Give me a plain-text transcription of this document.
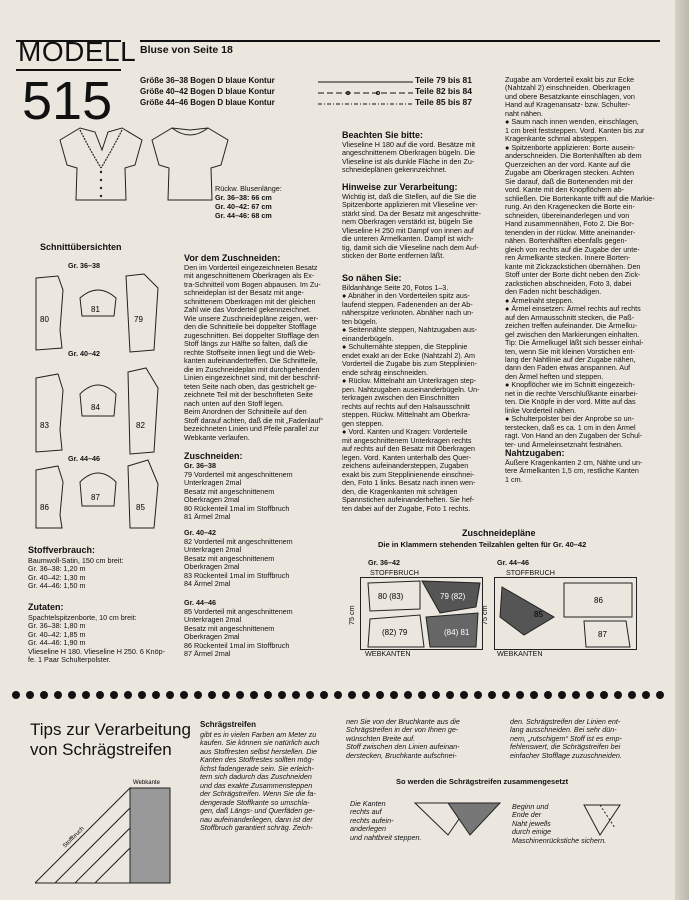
MODELL
515
Bluse von Seite 18
Größe 36–38 Bogen D blaue Kontur	Teile 79 bis 81
Größe 40–42 Bogen D blaue Kontur	Teile 82 bis 84
Größe 44–46 Bogen D blaue Kontur	Teile 85 bis 87
Rückw. Blusenlänge:
Gr. 36–38: 66 cm
Gr. 40–42: 67 cm
Gr. 44–46: 68 cm
Schnittübersichten
Gr. 36–38
Gr. 40–42
Gr. 44–46
80
81
79
83
84
82
86
87
85
Stoffverbrauch:
Baumwoll-Satin, 150 cm breit:
Gr. 36–38: 1,20 m
Gr. 40–42: 1,30 m
Gr. 44–46: 1,50 m
Zutaten:
Spachtelspitzenborte, 10 cm breit:
Gr. 36–38: 1,80 m
Gr. 40–42: 1,85 m
Gr. 44–46: 1,90 m
Vlieseline H 180. Vlieseline H 250. 6 Knöp-
fe. 1 Paar Schulterpolster.
Vor dem Zuschneiden:
Den im Vorderteil eingezeichneten Besatz
mit angeschnittenem Oberkragen als Ex-
tra-Schnitteil vom Bogen abpausen. Im Zu-
schneideplan ist der Besatz mit ange-
schnittenem Oberkragen mit der gleichen
Zahl wie das Vorderteil gekennzeichnet.
Wie unsere Zuschneidepläne zeigen, wer-
den die Schnitteile bei doppelter Stofflage
zugeschnitten. Bei doppelter Stofflage den
Stoff längs zur Hälfte so falten, daß die
rechte Stoffseite innen liegt und die Web-
kanten aufeinandertreffen. Die Schnitteile,
die im Zuschneideplan mit durchgehenden
Linien eingezeichnet sind, mit der beschrif-
teten Seite nach oben, das gestrichelt ge-
zeichnete Teil mit der beschrifteten Seite
nach unten auf den Stoff legen.
Beim Anordnen der Schnitteile auf den
Stoff darauf achten, daß die mit „Fadenlauf“
bezeichneten Linien und Pfeile parallel zur
Webkante verlaufen.
Zuschneiden:
Gr. 36–38
79 Vorderteil mit angeschnittenem
Unterkragen 2mal
Besatz mit angeschnittenem
Oberkragen 2mal
80 Rückenteil 1mal im Stoffbruch
81 Ärmel 2mal
Gr. 40–42
82 Vorderteil mit angeschnittenem
Unterkragen 2mal
Besatz mit angeschnittenem
Oberkragen 2mal
83 Rückenteil 1mal im Stoffbruch
84 Ärmel 2mal
Gr. 44–46
85 Vorderteil mit angeschnittenem
Unterkragen 2mal
Besatz mit angeschnittenem
Oberkragen 2mal
86 Rückenteil 1mal im Stoffbruch
87 Ärmel 2mal
Beachten Sie bitte:
Vlieseline H 180 auf die vord. Besätze mit
angeschnittenem Oberkragen bügeln. Die
Vlieseline ist als dunkle Fläche in den Zu-
schneideplänen gekennzeichnet.
Hinweise zur Verarbeitung:
Wichtig ist, daß die Stellen, auf die Sie die
Spitzenborte applizieren mit Vlieseline ver-
stärkt sind. Da der Besatz mit angeschnitte-
nem Oberkragen verstärkt ist, bügeln Sie
Vlieseline H 250 mit Dampf von innen auf
die unteren Ärmelkanten. Dampf ist wich-
tig, damit sich die Vlieseline nach dem Auf-
sticken der Borte entfernen läßt.
So nähen Sie:
Bildanhänge Seite 20, Fotos 1–3.
● Abnäher in den Vorderteilen spitz aus-
laufend steppen. Fadenenden an der Ab-
näherspitze verknoten. Abnäher nach un-
ten bügeln.
● Seitennähte steppen, Nahtzugaben aus-
einanderbügeln.
● Schulternähte steppen, die Stepplinie
endet exakt an der Ecke (Nahtzahl 2). Am
Vorderteil die Zugabe bis zum Stepplinien-
ende schräg einschneiden.
● Rückw. Mittelnaht am Unterkragen step-
pen. Nahtzugaben auseinanderbügeln. Un-
terkragen zwischen den Einschnitten
rechts auf rechts auf den Halsausschnitt
steppen. Rückw. Mittelnaht am Oberkra-
gen steppen.
● Vord. Kanten und Kragen: Vorderteile
mit angeschnittenem Unterkragen rechts
auf rechts auf den Besatz mit Oberkragen
legen. Vord. Kanten unterhalb des Quer-
zeichens aufeinandersteppen, Zugaben
exakt bis zum Stepplinienende einschnei-
den, Foto 1 links. Besatz nach innen wen-
den, die Kragenkanten mit schrägen
Spannstichen aufeinanderheften. Sie hef-
ten dabei auf der Zugabe, Foto 1 rechts.
Zugabe am Vorderteil exakt bis zur Ecke
(Nahtzahl 2) einschneiden. Oberkragen
und obere Besatzkante einschlagen, von
Hand auf Kragenansatz- bzw. Schulter-
naht nähen.
● Saum nach innen wenden, einschlagen,
1 cm breit feststeppen. Vord. Kanten bis zur
Kragenkante schmal absteppen.
● Spitzenborte applizieren: Borte ausein-
anderschneiden. Die Bortenhälften ab dem
Querzeichen an der vord. Kante auf die
Zugabe am Oberkragen stecken. Achten
Sie darauf, daß die Bortenenden mit der
vord. Kante mit den Knopflöchern ab-
schließen. Die Bortenkante trifft auf die Markie-
rung. An den Kragenecken die Borte ein-
schneiden, übereinanderlegen und von
Hand zusammennähen, Foto 2. Die Bor-
tenenden in der rückw. Mitte aneinander-
nähen. Bortenhälften ebenfalls gegen-
gleich von rechts auf die Zugabe der unte-
ren Ärmelkante stecken. Innere Borten-
kante mit Zickzackstichen übernähen. Den
Stoff unter der Borte dicht neben den Zick-
zackstichen abschneiden, Foto 3, dabei
den Faden nicht beschädigen.
● Ärmelnaht steppen.
● Ärmel einsetzen: Ärmel rechts auf rechts
auf den Armausschnitt stecken, die Paß-
zeichen treffen aufeinander. Die Ärmelku-
gel zwischen den Markierungen einhalten.
Tip: Die Ärmelkugel läßt sich besser einhal-
ten, wenn Sie mit kleinen Vorstichen ent-
lang der Nahtlinie auf der Zugabe nähen,
dann den Faden etwas anspannen. Auf
den Ärmel heften und steppen.
● Knopflöcher wie im Schnitt eingezeich-
net in die rechte Verschlußkante einarbei-
ten. Die Knöpfe in der vord. Mitte auf das
linke Vorderteil nähen.
● Schulterpolster bei der Anprobe so un-
terstecken, daß es ca. 1 cm in den Ärmel
ragt. Von Hand an den Zugaben der Schul-
ter- und Ärmeleinsetznaht festnähen.
Nahtzugaben:
Äußere Kragenkanten 2 cm, Nähte und un-
tere Ärmelkanten 1,5 cm, restliche Kanten
1 cm.
Zuschneidepläne
Die in Klammern stehenden Teilzahlen gelten für Gr. 40–42
Gr. 36–42	Gr. 44–46
STOFFBRUCH	STOFFBRUCH
WEBKANTEN	WEBKANTEN
75 cm	75 cm
80 (83)	79 (82)
(82) 79	(84) 81
86
85
87
Tips zur Verarbeitung
von Schrägstreifen
Webkante
Stoffbruch
Schrägstreifen
gibt es in vielen Farben am Meter zu
kaufen. Sie können sie natürlich auch
aus Stoffresten selbst herstellen. Die
Kanten des Stoffrestes sollten mög-
lichst fadengerade sein. Sie erleich-
tern sich dadurch das Zuschneiden
und das exakte Zusammensteppen
der Schrägstreifen. Wenn Sie die fa-
dengerade Stoffkante so umschla-
gen, daß Längs- und Querfäden ge-
nau aufeinanderliegen, dann ist der
Stoffbruch garantiert schräg. Zeich-
nen Sie von der Bruchkante aus die
Schrägstreifen in der von Ihnen ge-
wünschten Breite auf.
Stoff zwischen den Linien aufeinan-
derstecken, Bruchkante aufschnei-
den. Schrägstreifen der Linien ent-
lang ausschneiden. Bei sehr dün-
nem, „rutschigem“ Stoff ist es emp-
fehlenswert, die Schrägstreifen bei
einfacher Stofflage zuzuschneiden.
So werden die Schrägstreifen zusammengesetzt
Die Kanten
rechts auf
rechts aufein-
anderlegen
und nahtbreit steppen.
Beginn und
Ende der
Naht jewells
durch einige
Maschinenrückstiche sichern.
